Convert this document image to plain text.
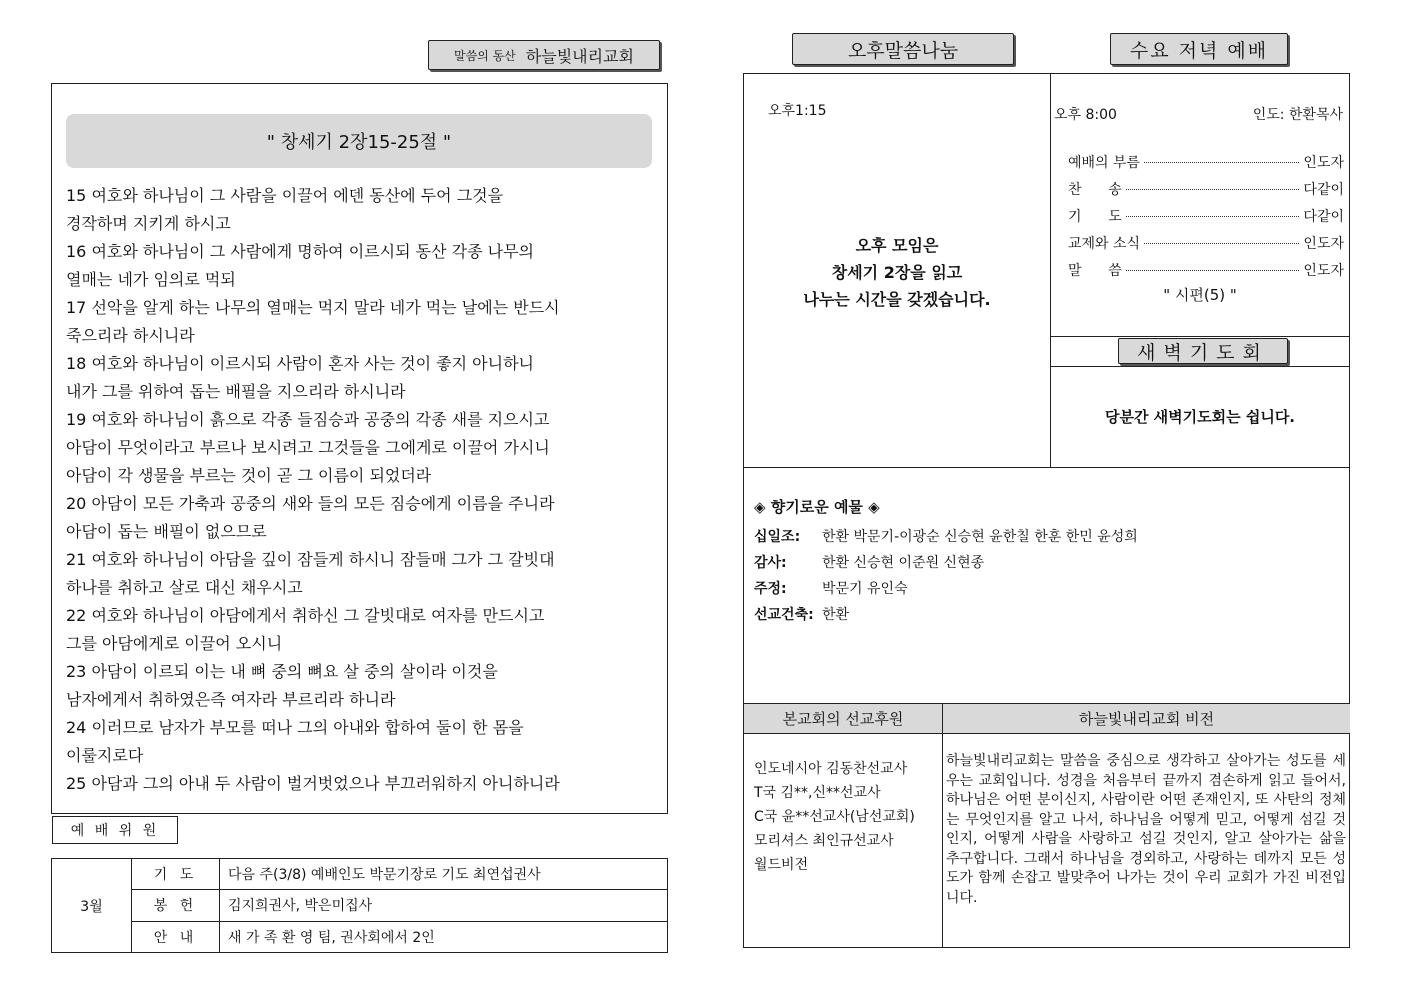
말씀의 동산 하늘빛내리교회
" 창세기 2장15-25절 "
15 여호와 하나님이 그 사람을 이끌어 에덴 동산에 두어 그것을
경작하며 지키게 하시고
16 여호와 하나님이 그 사람에게 명하여 이르시되 동산 각종 나무의
열매는 네가 임의로 먹되
17 선악을 알게 하는 나무의 열매는 먹지 말라 네가 먹는 날에는 반드시
죽으리라 하시니라
18 여호와 하나님이 이르시되 사람이 혼자 사는 것이 좋지 아니하니
내가 그를 위하여 돕는 배필을 지으리라 하시니라
19 여호와 하나님이 흙으로 각종 들짐승과 공중의 각종 새를 지으시고
아담이 무엇이라고 부르나 보시려고 그것들을 그에게로 이끌어 가시니
아담이 각 생물을 부르는 것이 곧 그 이름이 되었더라
20 아담이 모든 가축과 공중의 새와 들의 모든 짐승에게 이름을 주니라
아담이 돕는 배필이 없으므로
21 여호와 하나님이 아담을 깊이 잠들게 하시니 잠들매 그가 그 갈빗대
하나를 취하고 살로 대신 채우시고
22 여호와 하나님이 아담에게서 취하신 그 갈빗대로 여자를 만드시고
그를 아담에게로 이끌어 오시니
23 아담이 이르되 이는 내 뼈 중의 뼈요 살 중의 살이라 이것을
남자에게서 취하였은즉 여자라 부르리라 하니라
24 이러므로 남자가 부모를 떠나 그의 아내와 합하여 둘이 한 몸을
이룰지로다
25 아담과 그의 아내 두 사람이 벌거벗었으나 부끄러워하지 아니하니라
예 배 위 원
3월	기 도	다음 주(3/8) 예배인도 박문기장로 기도 최연섭권사
	봉 헌	김지희권사, 박은미집사
	안 내	새 가 족 환 영 팀, 권사회에서 2인
오후말씀나눔	수요 저녁 예배
오후1:15
오후 모임은
창세기 2장을 읽고
나누는 시간을 갖겠습니다.
오후 8:00	인도: 한환목사
예배의 부름	인도자
찬      송	다같이
기      도	다같이
교제와 소식	인도자
말      씀	인도자
" 시편(5) "
새벽기도회
당분간 새벽기도회는 쉽니다.
◈ 향기로운 예물 ◈
십일조:	한환 박문기-이광순 신승현 윤한칠 한훈 한민 윤성희
감사:	한환 신승현 이준원 신현종
주정:	박문기 유인숙
선교건축: 한환
본교회의 선교후원	하늘빛내리교회 비전
인도네시아 김동찬선교사
T국 김**,신**선교사
C국 윤**선교사(남선교회)
모리셔스 최인규선교사
월드비전
하늘빛내리교회는 말씀을 중심으로 생각하고 살아가는 성도를 세우는 교회입니다. 성경을 처음부터 끝까지 겸손하게 읽고 들어서, 하나님은 어떤 분이신지, 사람이란 어떤 존재인지, 또 사탄의 정체는 무엇인지를 알고 나서, 하나님을 어떻게 믿고, 어떻게 섬길 것인지, 어떻게 사람을 사랑하고 섬길 것인지, 알고 살아가는 삶을 추구합니다. 그래서 하나님을 경외하고, 사랑하는 데까지 모든 성도가 함께 손잡고 발맞추어 나가는 것이 우리 교회가 가진 비전입니다.
